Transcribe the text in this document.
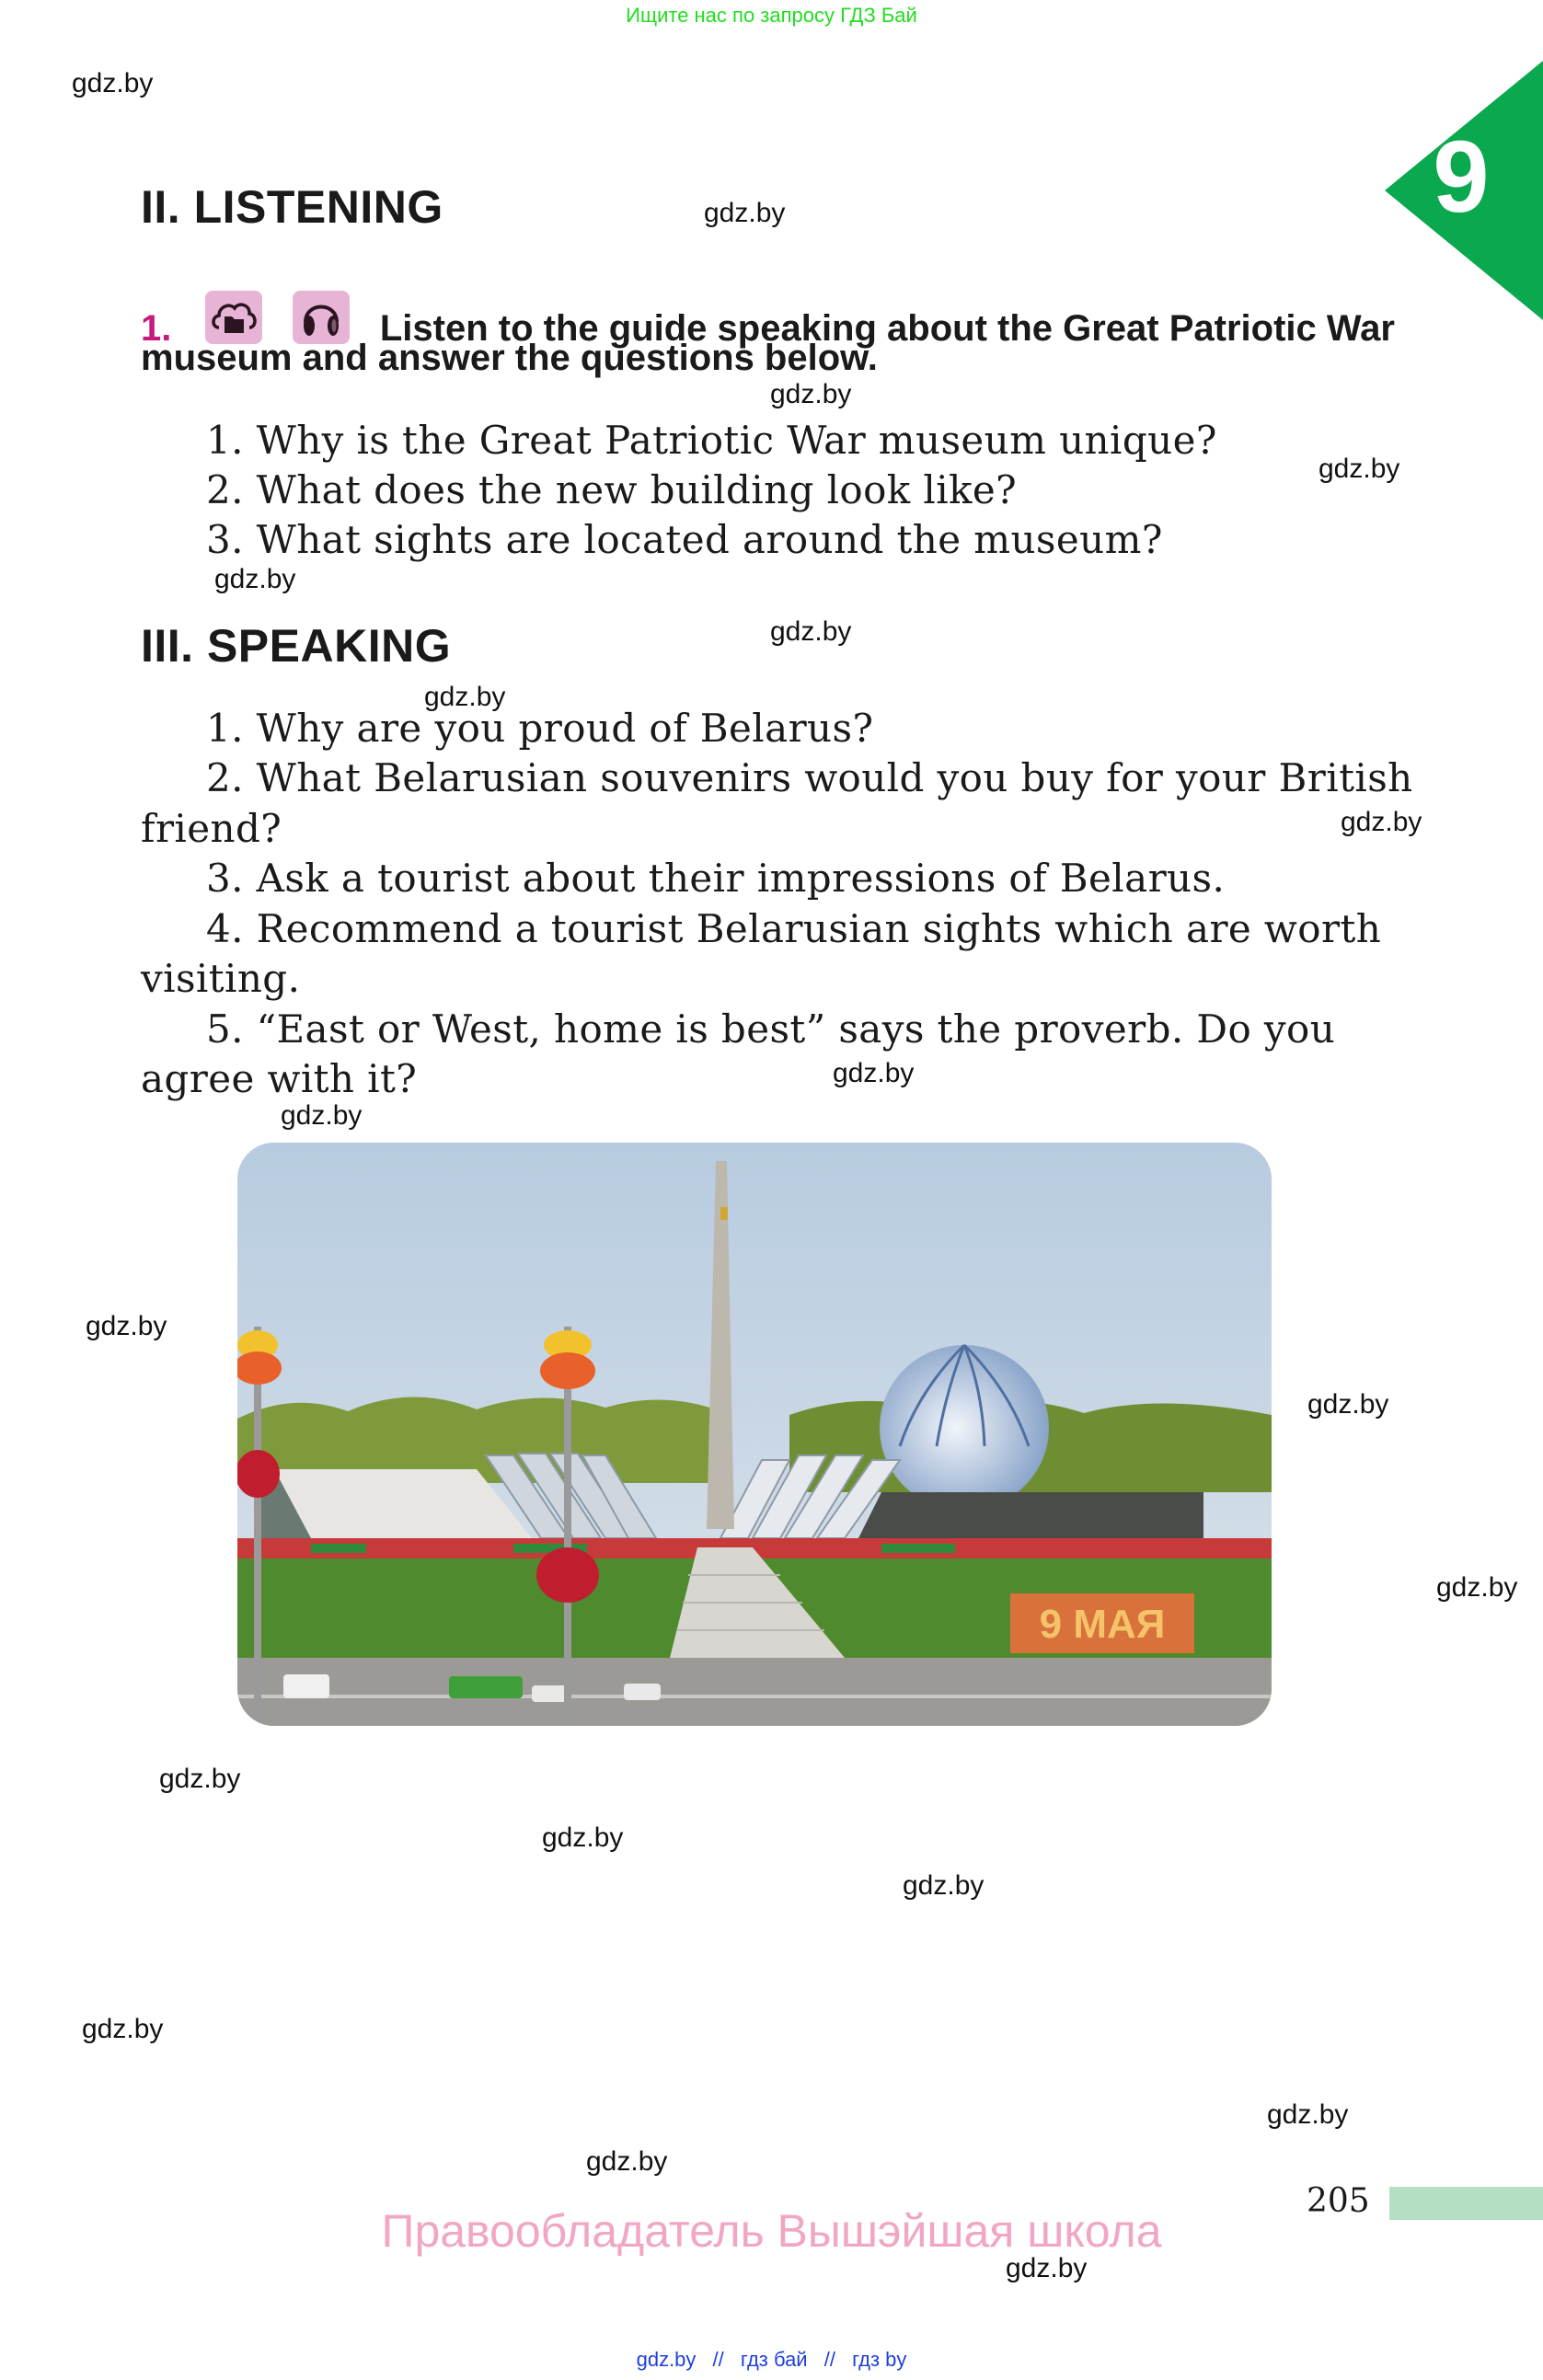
Ищите нас по запросу ГДЗ Бай
gdz.by
gdz.by
gdz.by
gdz.by
gdz.by
gdz.by
gdz.by
gdz.by
gdz.by
gdz.by
gdz.by
gdz.by
gdz.by
gdz.by
gdz.by
gdz.by
gdz.by
gdz.by
gdz.by
gdz.by
9
II. LISTENING
1.
	Listen to the guide speaking about the Great Patriotic War
museum and answer the questions below.
1. Why is the Great Patriotic War museum unique?
2. What does the new building look like?
3. What sights are located around the museum?
III. SPEAKING
1. Why are you proud of Belarus?
2. What Belarusian souvenirs would you buy for your British
friend?
3. Ask a tourist about their impressions of Belarus.
4. Recommend a tourist Belarusian sights which are worth
visiting.
5. “East or West, home is best” says the proverb. Do you
agree with it?
9 МАЯ
205
Правообладатель Вышэйшая школа
gdz.by // гдз бай // гдз by
